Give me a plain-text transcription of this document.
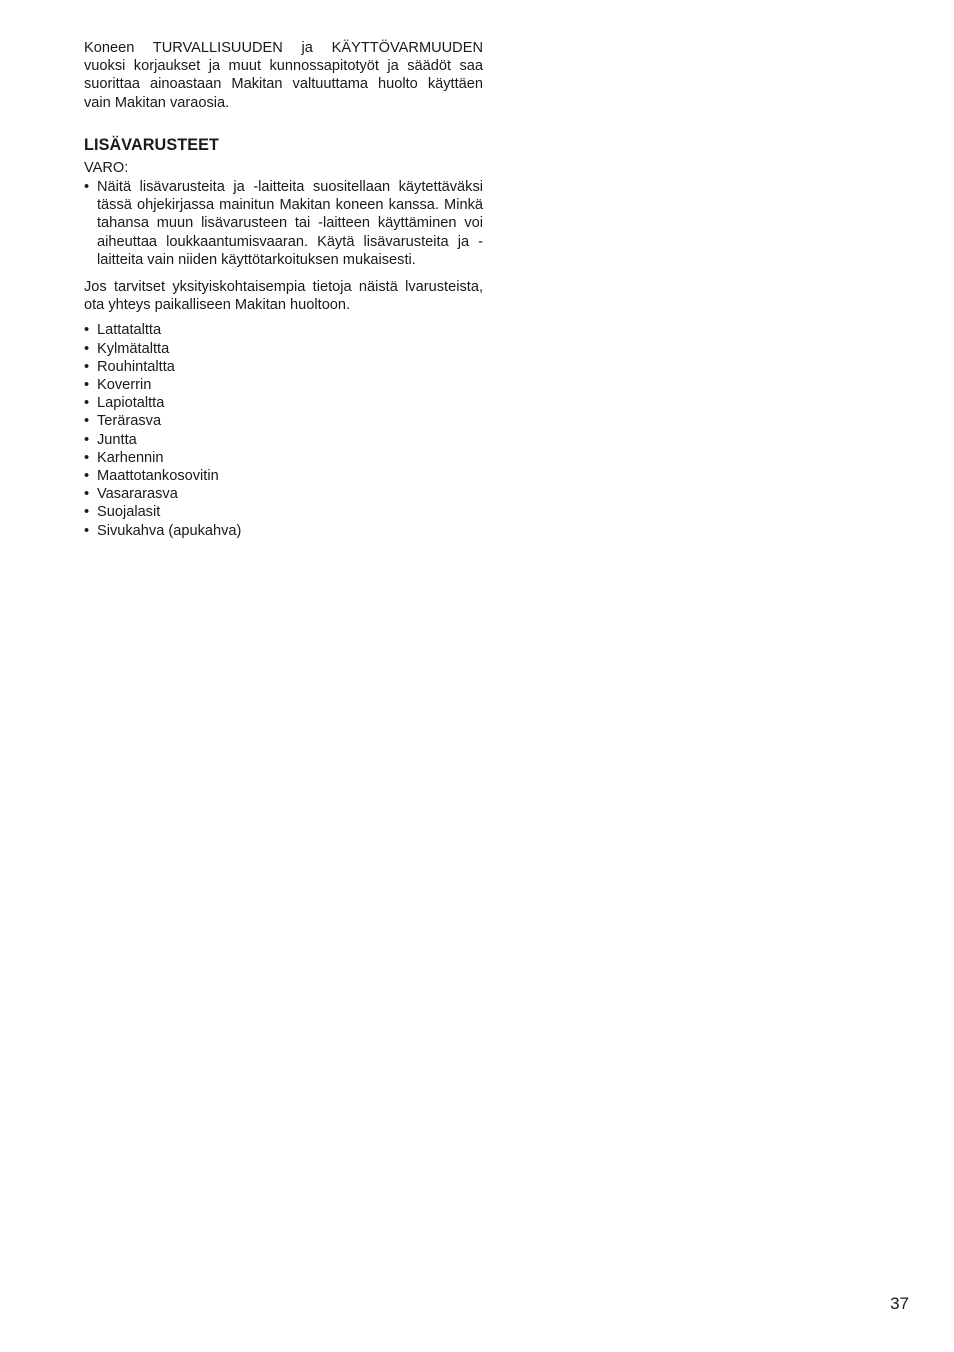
Koneen TURVALLISUUDEN ja KÄYTTÖVARMUUDEN vuoksi korjaukset ja muut kunnossapitotyöt ja säädöt saa suorittaa ainoastaan Makitan valtuuttama huolto käyttäen vain Makitan varaosia.

LISÄVARUSTEET
VARO:
• Näitä lisävarusteita ja -laitteita suositellaan käytettäväksi tässä ohjekirjassa mainitun Makitan koneen kanssa. Minkä tahansa muun lisävarusteen tai -laitteen käyttäminen voi aiheuttaa loukkaantumisvaaran. Käytä lisävarusteita ja -laitteita vain niiden käyttötarkoituksen mukaisesti.

Jos tarvitset yksityiskohtaisempia tietoja näistä lvarusteista, ota yhteys paikalliseen Makitan huoltoon.

• Lattataltta
• Kylmätaltta
• Rouhintaltta
• Koverrin
• Lapiotaltta
• Terärasva
• Juntta
• Karhennin
• Maattotankosovitin
• Vasararasva
• Suojalasit
• Sivukahva (apukahva)
37
